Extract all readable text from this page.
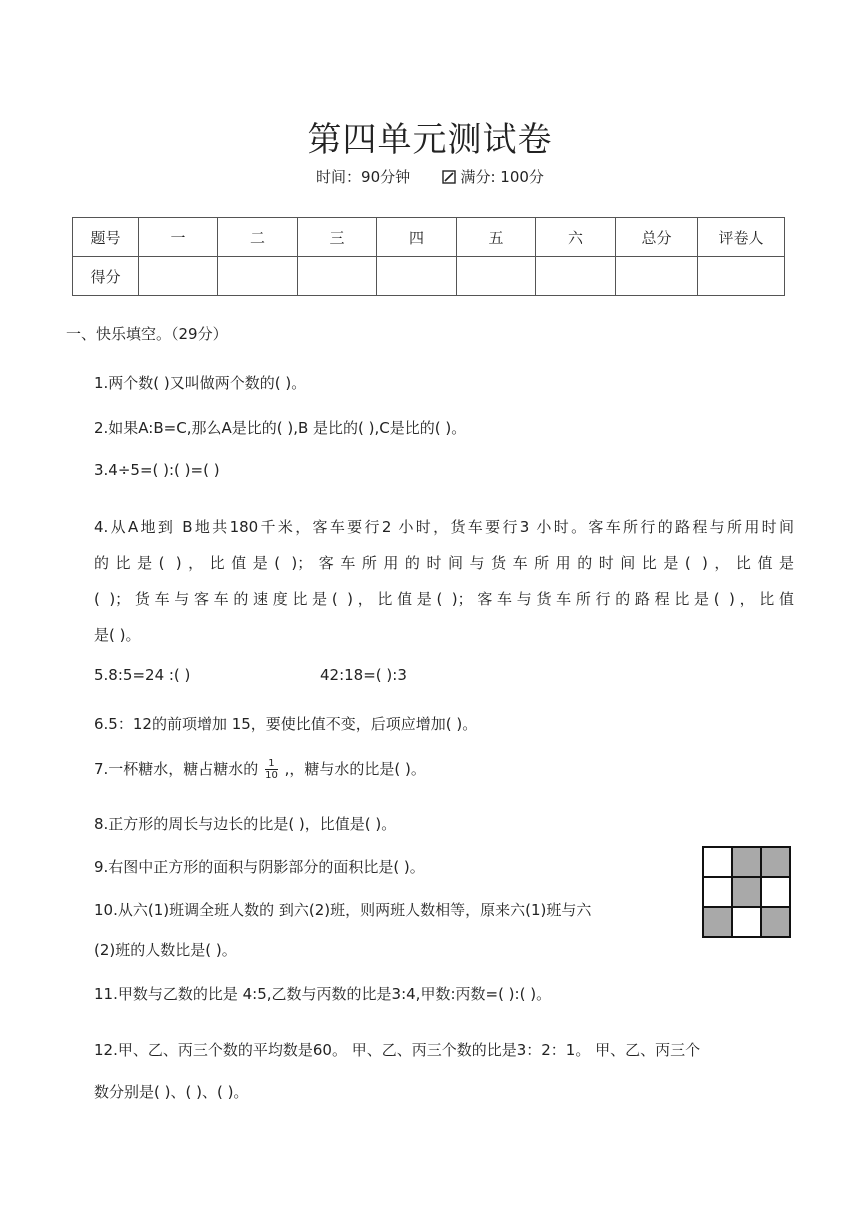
第四单元测试卷
时间：90分钟	满分: 100分
题号	一	二	三	四	五	六	总分	评卷人
得分								
一、快乐填空。（29分）
1.两个数( )又叫做两个数的( )。
2.如果A:B=C,那么A是比的( ),B 是比的( ),C是比的( )。
3.4÷5=( ):( )=( )
4.从A地到 B地共180千米，客车要行2 小时，货车要行3 小时。客车所行的路程与所用时间
的比是( )，比值是( )；客车所用的时间与货车所用的时间比是( )，比值是
( )；货车与客车的速度比是( )，比值是( )；客车与货车所行的路程比是( )，比值
是( )。
5.8:5=24 :( )	42:18=( ):3
6.5：12的前项增加 15，要使比值不变，后项应增加( )。
7.一杯糖水，糖占糖水的 $\frac{1}{10}$ ,，糖与水的比是( )。
8.正方形的周长与边长的比是( )，比值是( )。
9.右图中正方形的面积与阴影部分的面积比是( )。
10.从六(1)班调全班人数的 到六(2)班，则两班人数相等，原来六(1)班与六
(2)班的人数比是( )。
11.甲数与乙数的比是 4:5,乙数与丙数的比是3:4,甲数:丙数=( ):( )。
12.甲、乙、丙三个数的平均数是60。 甲、乙、丙三个数的比是3：2：1。 甲、乙、丙三个
数分别是( )、( )、( )。
